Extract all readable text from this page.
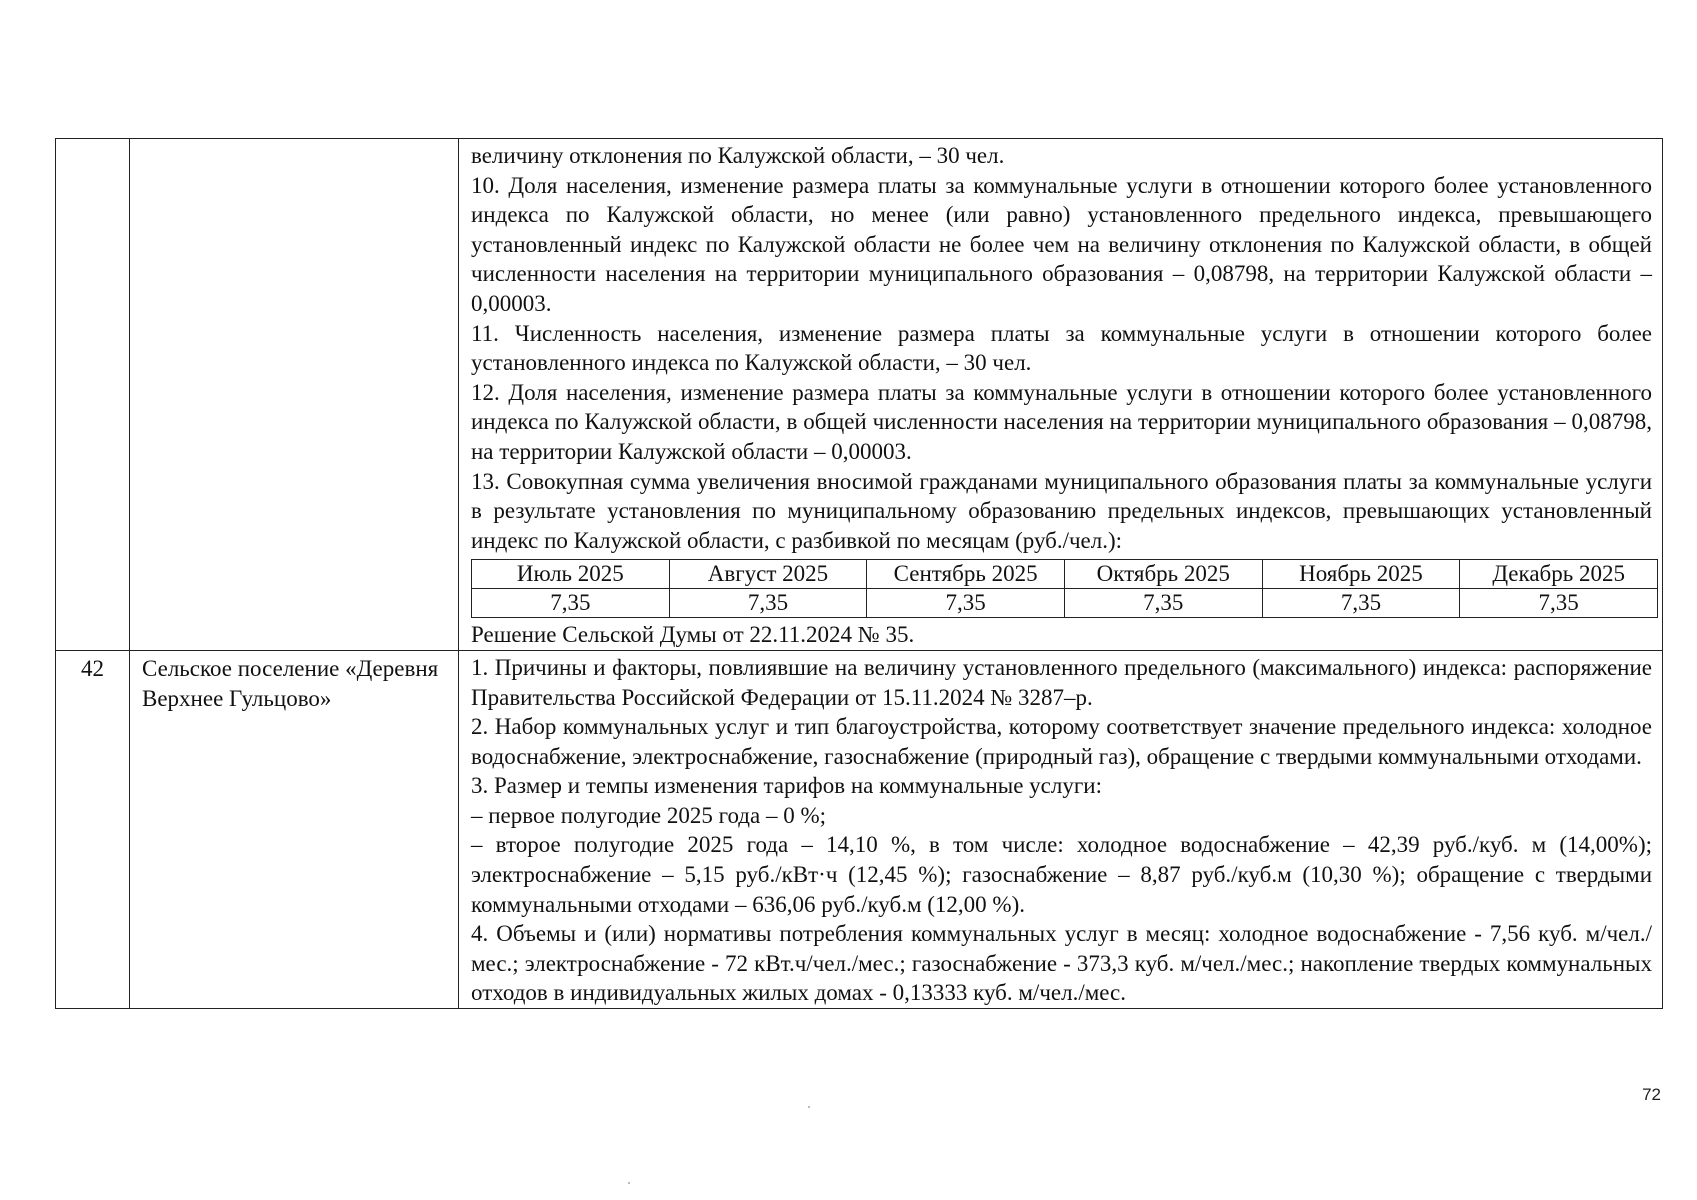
величину отклонения по Калужской области, – 30 чел.

10. Доля населения, изменение размера платы за коммунальные услуги в отношении которого более установленного индекса по Калужской области, но менее (или равно) установленного предельного индекса, превышающего установленный индекс по Калужской области не более чем на величину отклонения по Калужской области, в общей численности населения на территории муниципального образования – 0,08798, на территории Калужской области – 0,00003.

11. Численность населения, изменение размера платы за коммунальные услуги в отношении которого более установленного индекса по Калужской области, – 30 чел.

12. Доля населения, изменение размера платы за коммунальные услуги в отношении которого более установленного индекса по Калужской области, в общей численности населения на территории муниципального образования – 0,08798, на территории Калужской области – 0,00003.

13. Совокупная сумма увеличения вносимой гражданами муниципального образования платы за коммунальные услуги в результате установления по муниципальному образованию предельных индексов, превышающих установленный индекс по Калужской области, с разбивкой по месяцам (руб./чел.):

Июль 2025	Август 2025	Сентябрь 2025	Октябрь 2025	Ноябрь 2025	Декабрь 2025
7,35	7,35	7,35	7,35	7,35	7,35

Решение Сельской Думы от 22.11.2024 № 35.

42	Сельское поселение «Деревня Верхнее Гульцово»	

1. Причины и факторы, повлиявшие на величину установленного предельного (максимального) индекса: распоряжение Правительства Российской Федерации от 15.11.2024 № 3287–р.

2. Набор коммунальных услуг и тип благоустройства, которому соответствует значение предельного индекса: холодное водоснабжение, электроснабжение, газоснабжение (природный газ), обращение с твердыми коммунальными отходами.

3. Размер и темпы изменения тарифов на коммунальные услуги:

– первое полугодие 2025 года – 0 %;

– второе полугодие 2025 года – 14,10 %, в том числе: холодное водоснабжение – 42,39 руб./куб. м (14,00%); электроснабжение – 5,15 руб./кВт·ч (12,45 %); газоснабжение – 8,87 руб./куб.м (10,30 %); обращение с твердыми коммунальными отходами – 636,06 руб./куб.м (12,00 %).

4. Объемы и (или) нормативы потребления коммунальных услуг в месяц: холодное водоснабжение - 7,56 куб. м/чел./мес.; электроснабжение - 72 кВт.ч/чел./мес.; газоснабжение - 373,3 куб. м/чел./мес.; накопление твердых коммунальных отходов в индивидуальных жилых домах - 0,13333 куб. м/чел./мес.

72
